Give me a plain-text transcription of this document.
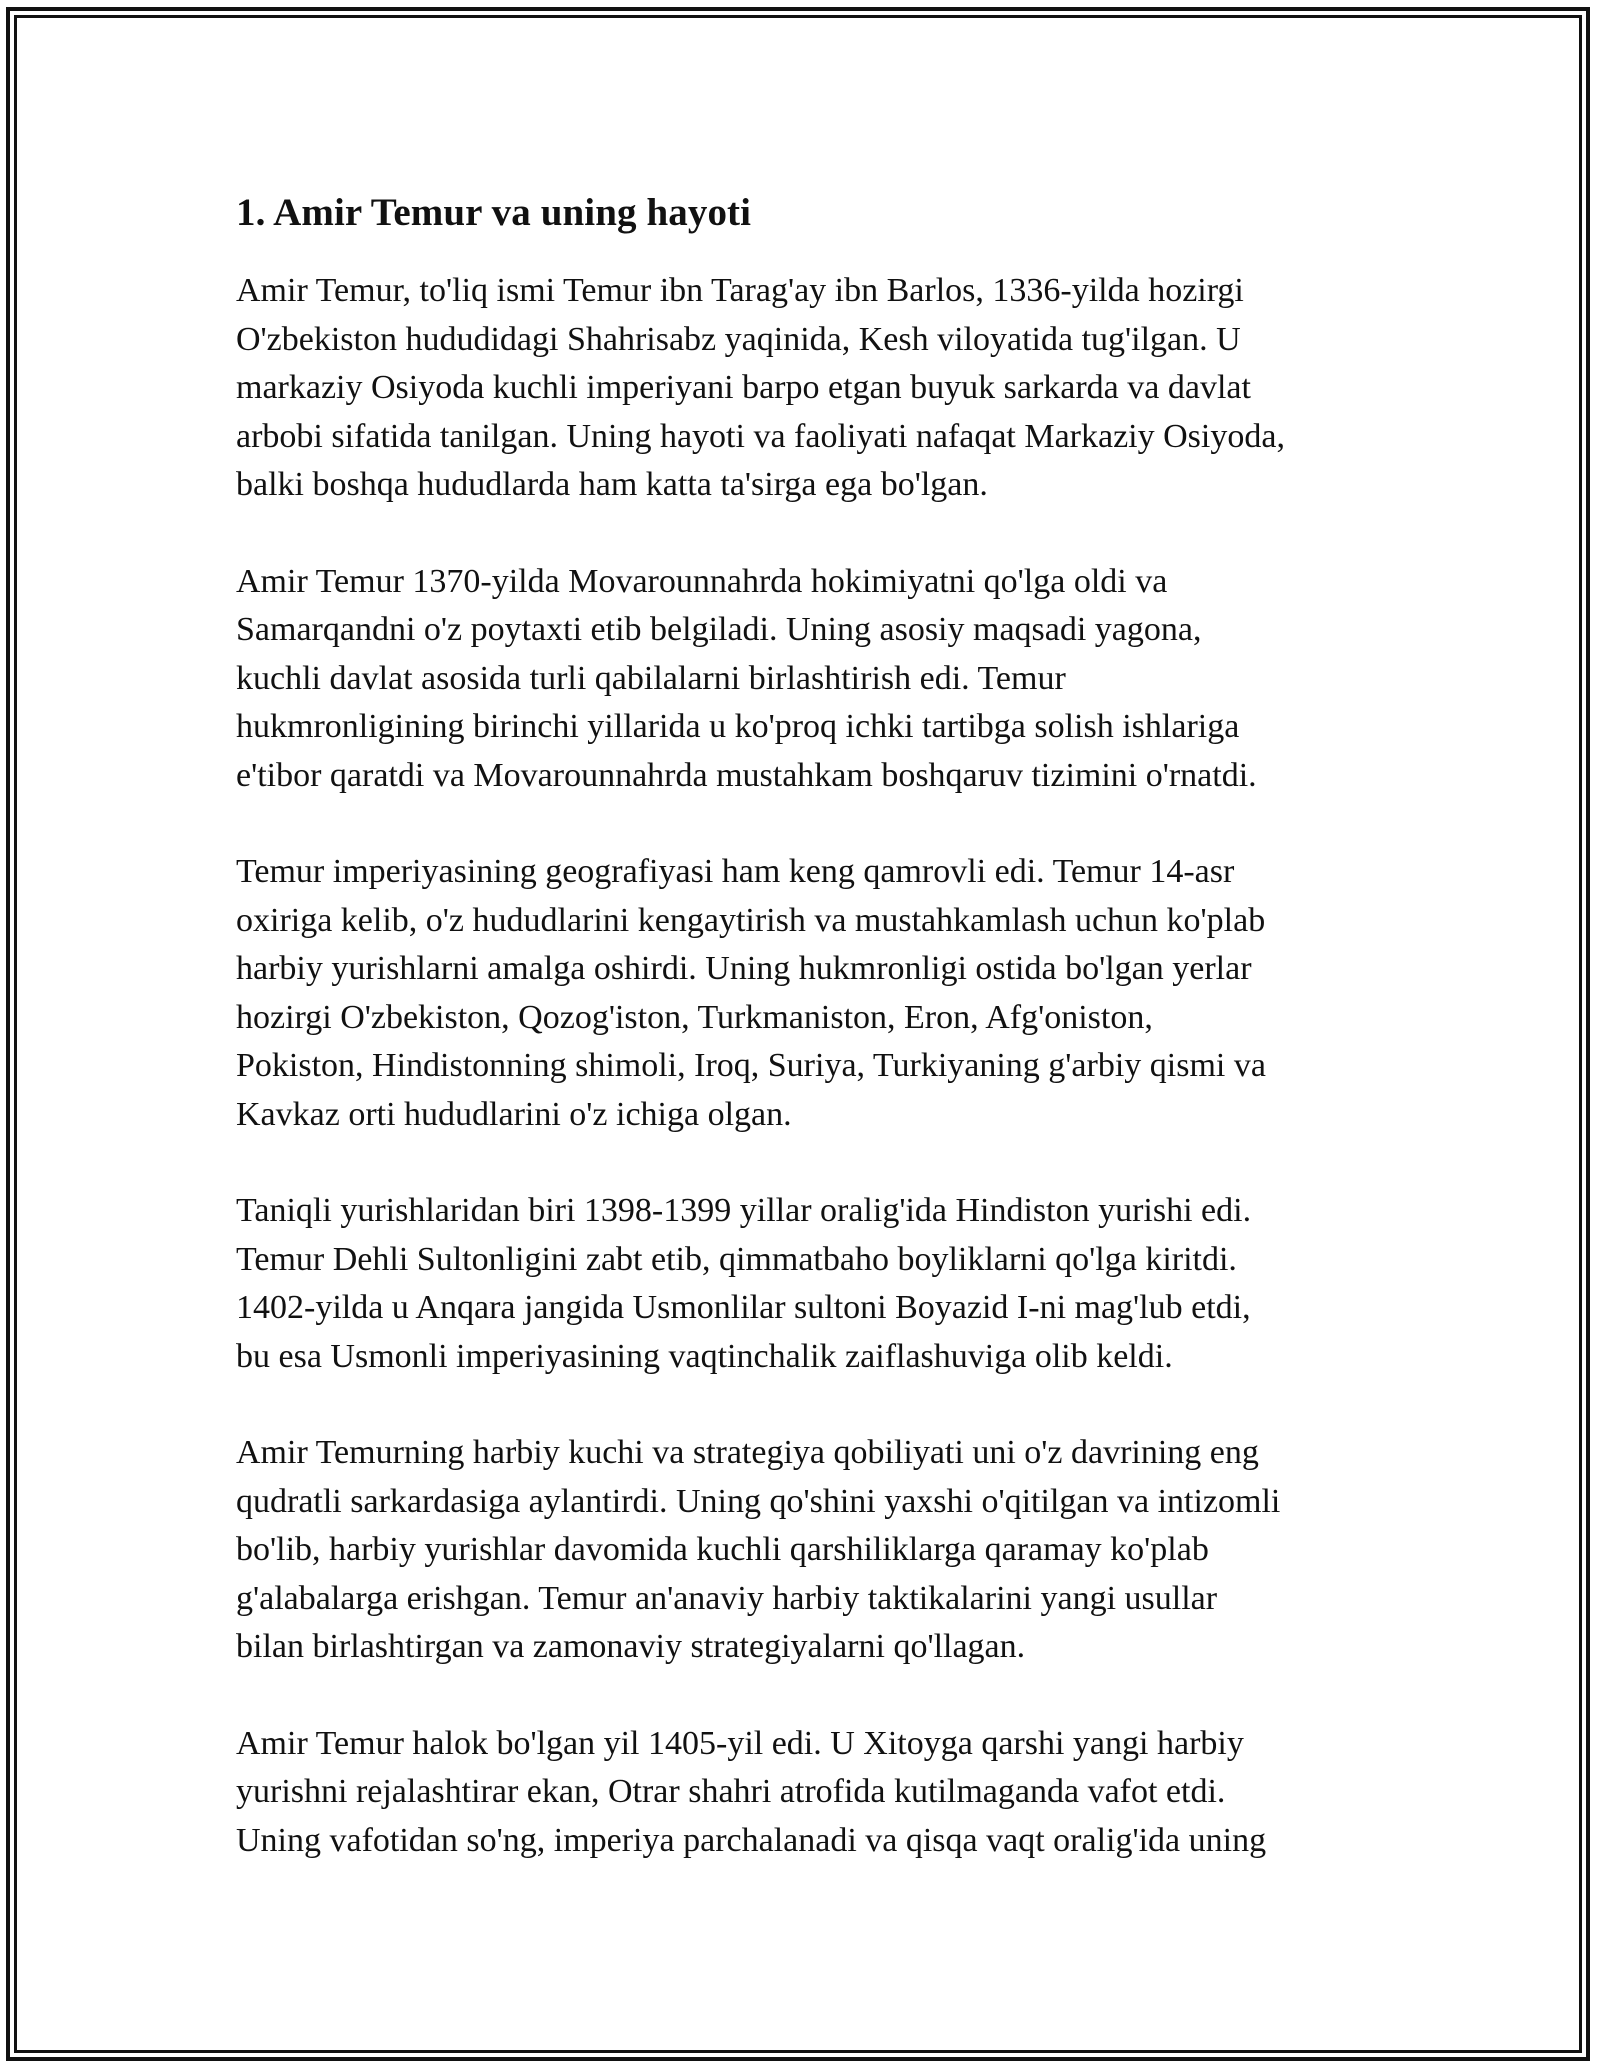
1. Amir Temur va uning hayoti

Amir Temur, to'liq ismi Temur ibn Tarag'ay ibn Barlos, 1336-yilda hozirgi
O'zbekiston hududidagi Shahrisabz yaqinida, Kesh viloyatida tug'ilgan. U
markaziy Osiyoda kuchli imperiyani barpo etgan buyuk sarkarda va davlat
arbobi sifatida tanilgan. Uning hayoti va faoliyati nafaqat Markaziy Osiyoda,
balki boshqa hududlarda ham katta ta'sirga ega bo'lgan.

Amir Temur 1370-yilda Movarounnahrda hokimiyatni qo'lga oldi va
Samarqandni o'z poytaxti etib belgiladi. Uning asosiy maqsadi yagona,
kuchli davlat asosida turli qabilalarni birlashtirish edi. Temur
hukmronligining birinchi yillarida u ko'proq ichki tartibga solish ishlariga
e'tibor qaratdi va Movarounnahrda mustahkam boshqaruv tizimini o'rnatdi.

Temur imperiyasining geografiyasi ham keng qamrovli edi. Temur 14-asr
oxiriga kelib, o'z hududlarini kengaytirish va mustahkamlash uchun ko'plab
harbiy yurishlarni amalga oshirdi. Uning hukmronligi ostida bo'lgan yerlar
hozirgi O'zbekiston, Qozog'iston, Turkmaniston, Eron, Afg'oniston,
Pokiston, Hindistonning shimoli, Iroq, Suriya, Turkiyaning g'arbiy qismi va
Kavkaz orti hududlarini o'z ichiga olgan.

Taniqli yurishlaridan biri 1398-1399 yillar oralig'ida Hindiston yurishi edi.
Temur Dehli Sultonligini zabt etib, qimmatbaho boyliklarni qo'lga kiritdi.
1402-yilda u Anqara jangida Usmonlilar sultoni Boyazid I-ni mag'lub etdi,
bu esa Usmonli imperiyasining vaqtinchalik zaiflashuviga olib keldi.

Amir Temurning harbiy kuchi va strategiya qobiliyati uni o'z davrining eng
qudratli sarkardasiga aylantirdi. Uning qo'shini yaxshi o'qitilgan va intizomli
bo'lib, harbiy yurishlar davomida kuchli qarshiliklarga qaramay ko'plab
g'alabalarga erishgan. Temur an'anaviy harbiy taktikalarini yangi usullar
bilan birlashtirgan va zamonaviy strategiyalarni qo'llagan.

Amir Temur halok bo'lgan yil 1405-yil edi. U Xitoyga qarshi yangi harbiy
yurishni rejalashtirar ekan, Otrar shahri atrofida kutilmaganda vafot etdi.
Uning vafotidan so'ng, imperiya parchalanadi va qisqa vaqt oralig'ida uning
